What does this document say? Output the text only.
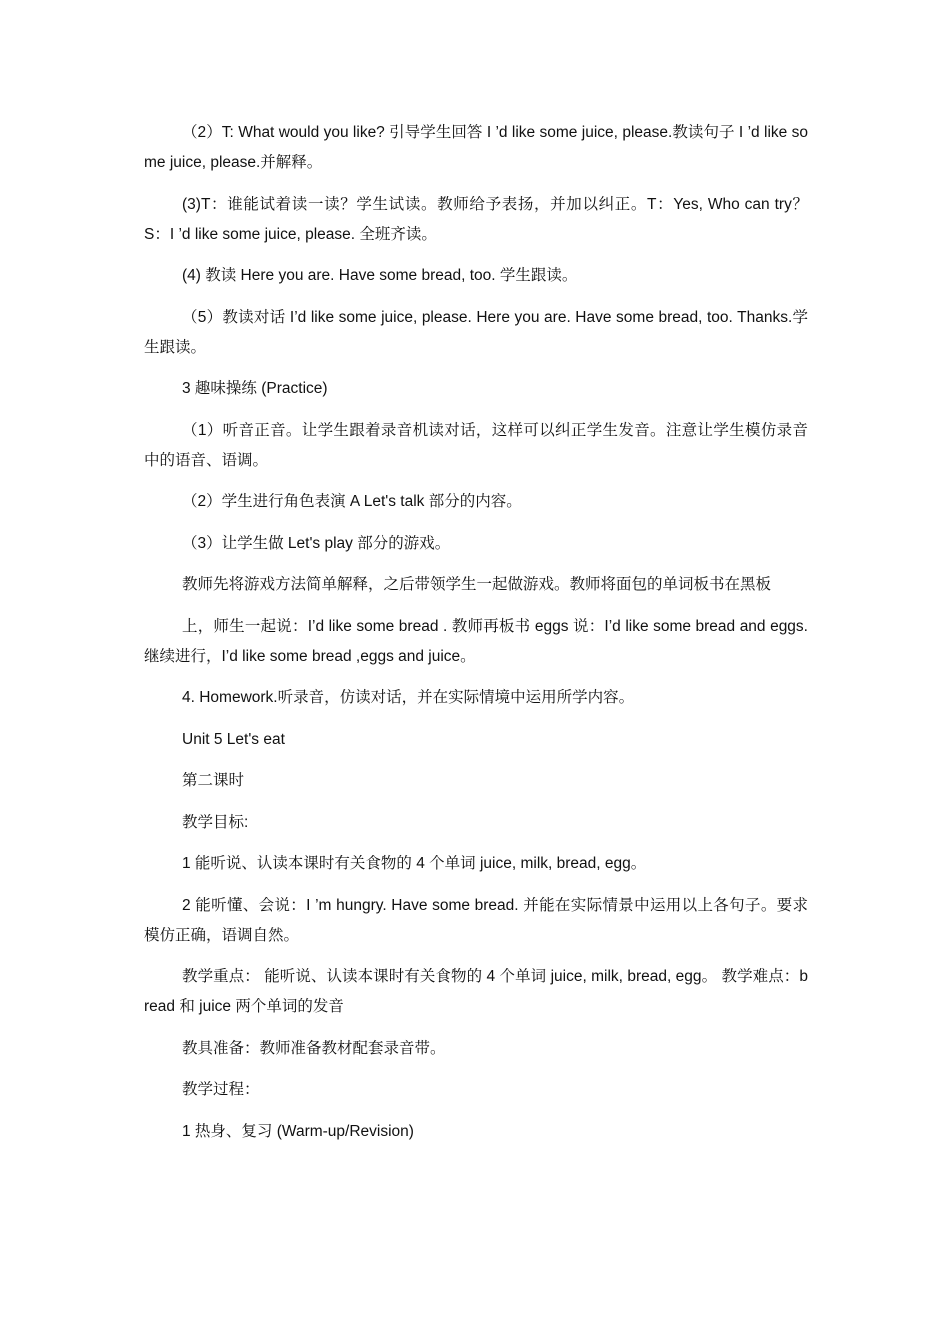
（2）T: What would you like? 引导学生回答 I ’d like some juice, please.教读句子 I ’d like some juice, please.并解释。

(3)T：谁能试着读一读？学生试读。教师给予表扬，并加以纠正。T：Yes, Who can try？ S：I ’d like some juice, please. 全班齐读。

(4) 教读 Here you are. Have some bread, too. 学生跟读。

（5）教读对话 I’d like some juice, please. Here you are. Have some bread, too. Thanks.学生跟读。

3 趣味操练 (Practice)

（1）听音正音。让学生跟着录音机读对话，这样可以纠正学生发音。注意让学生模仿录音中的语音、语调。

（2）学生进行角色表演 A Let's talk 部分的内容。

（3）让学生做 Let's play 部分的游戏。

教师先将游戏方法简单解释，之后带领学生一起做游戏。教师将面包的单词板书在黑板

上，师生一起说：I’d like some bread . 教师再板书 eggs 说：I’d like some bread and eggs. 继续进行，I’d like some bread ,eggs and juice。

4. Homework.听录音，仿读对话，并在实际情境中运用所学内容。

Unit 5 Let's eat

第二课时

教学目标:

1 能听说、认读本课时有关食物的 4 个单词 juice, milk, bread, egg。

2 能听懂、会说：I ’m hungry. Have some bread. 并能在实际情景中运用以上各句子。要求模仿正确，语调自然。

教学重点： 能听说、认读本课时有关食物的 4 个单词 juice, milk, bread, egg。 教学难点：bread 和 juice 两个单词的发音

教具准备：教师准备教材配套录音带。

教学过程：

1 热身、复习 (Warm-up/Revision)
